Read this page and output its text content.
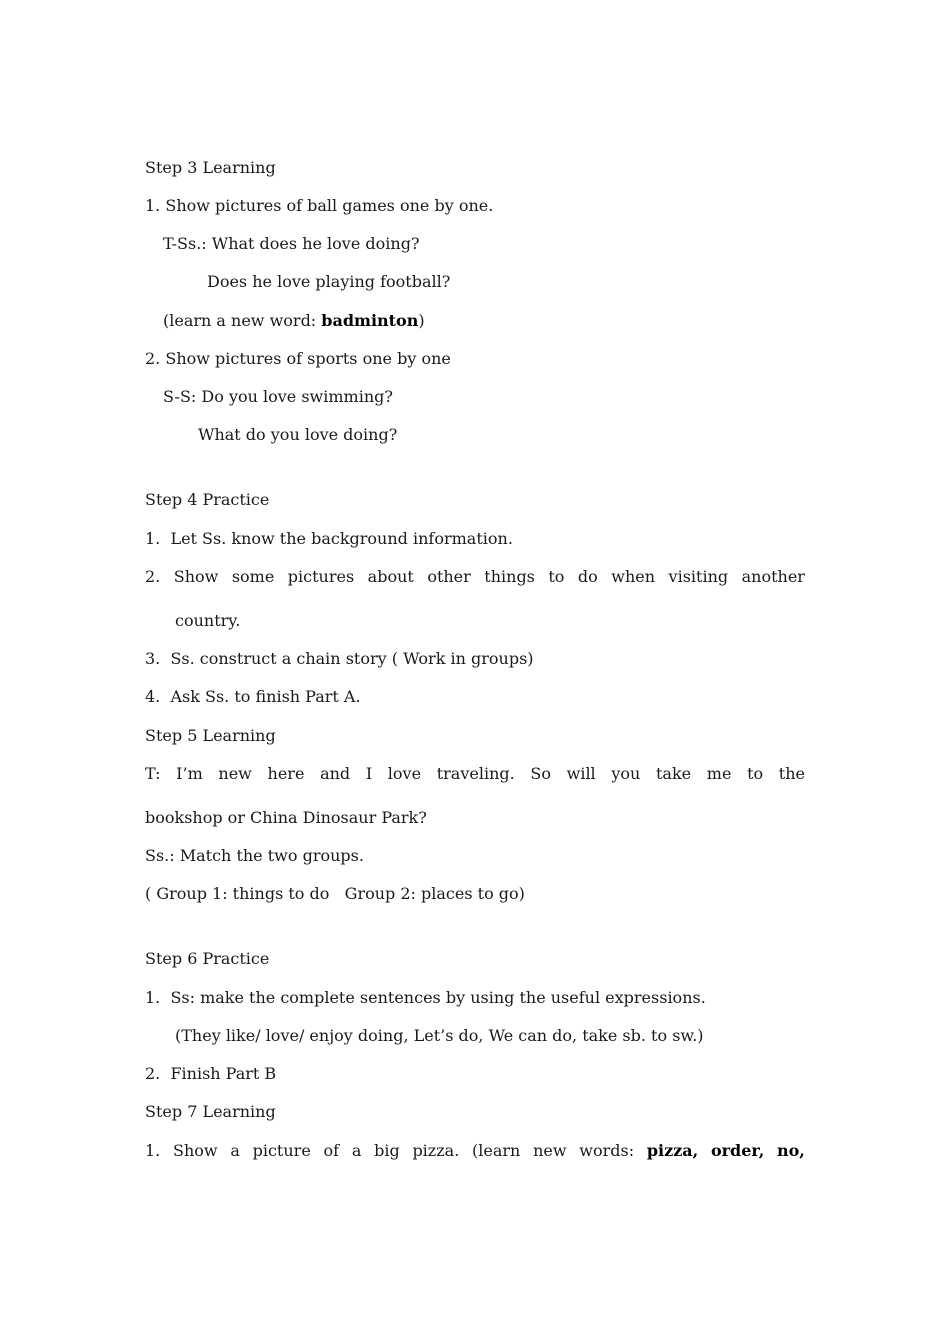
Step 3 Learning
1. Show pictures of ball games one by one.
T-Ss.: What does he love doing?
Does he love playing football?
(learn a new word: badminton)
2. Show pictures of sports one by one
S-S: Do you love swimming?
What do you love doing?
Step 4 Practice
1.  Let Ss. know the background information.
2. Show some pictures about other things to do when visiting another
country.
3.  Ss. construct a chain story ( Work in groups)
4.  Ask Ss. to finish Part A.
Step 5 Learning
T: I’m new here and I love traveling. So will you take me to the
bookshop or China Dinosaur Park?
Ss.: Match the two groups.
( Group 1: things to do   Group 2: places to go)
Step 6 Practice
1.  Ss: make the complete sentences by using the useful expressions.
(They like/ love/ enjoy doing, Let’s do, We can do, take sb. to sw.)
2.  Finish Part B
Step 7 Learning
1. Show a picture of a big pizza. (learn new words: pizza, order, no,
